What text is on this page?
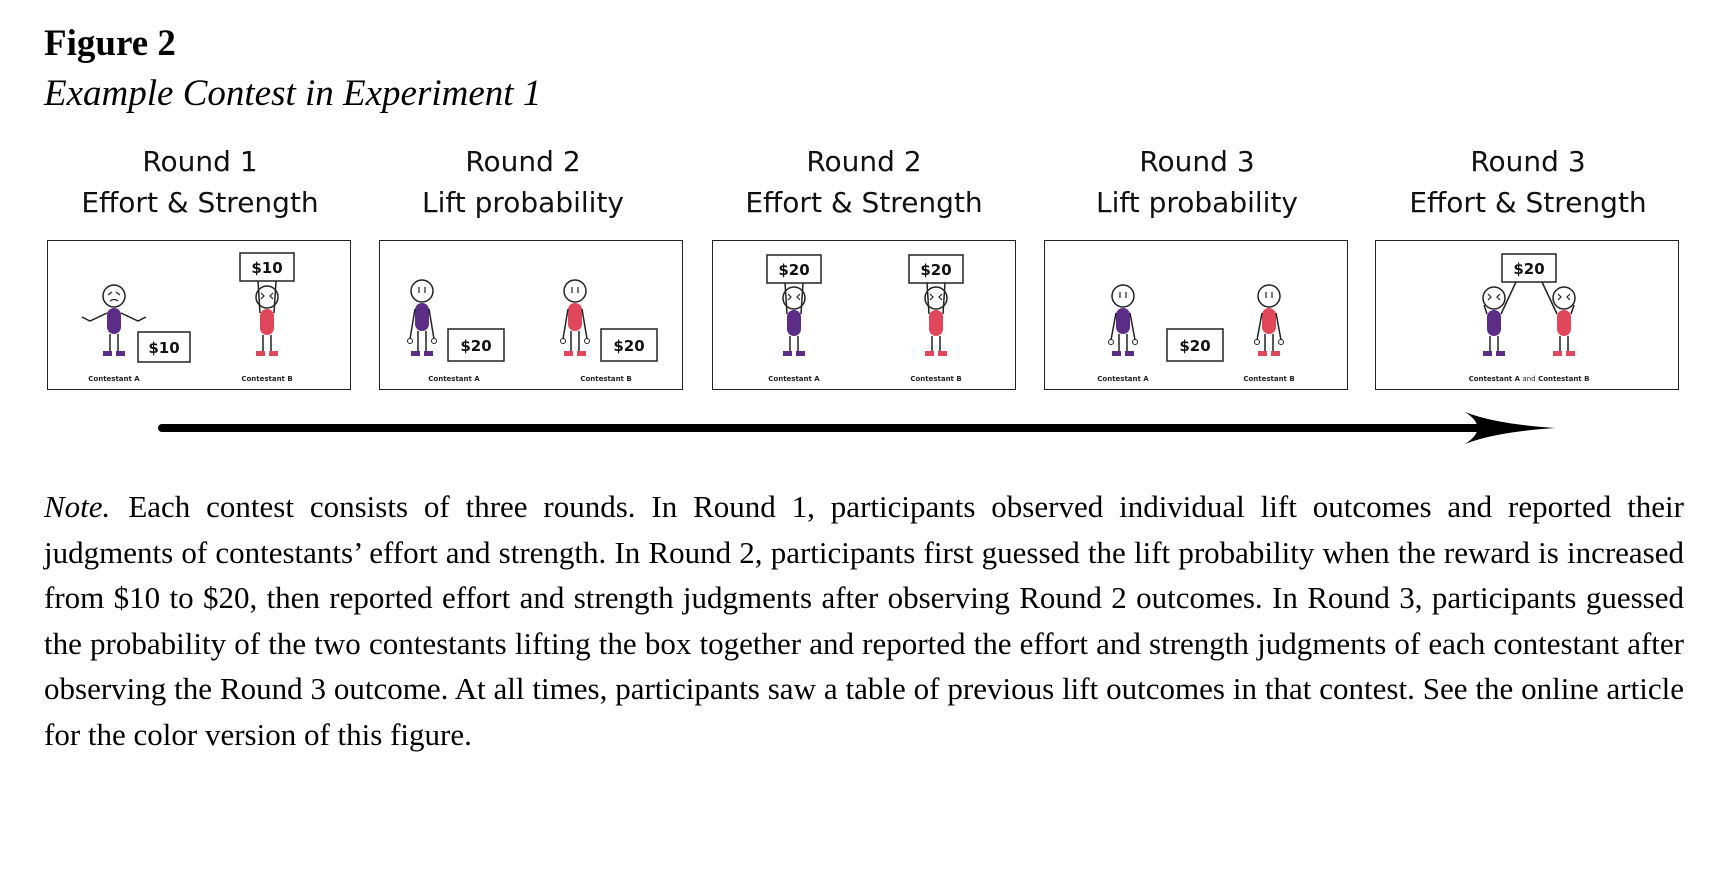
Figure 2
Example Contest in Experiment 1
Round 1
Effort & Strength
Round 2
Lift probability
Round 2
Effort & Strength
Round 3
Lift probability
Round 3
Effort & Strength
$10
$10
Contestant A	Contestant B
$20	$20
Contestant A	Contestant B
$20	$20
Contestant A	Contestant B
$20
Contestant A	Contestant B
$20
Contestant A and Contestant B
Note. Each contest consists of three rounds. In Round 1, participants observed individual lift outcomes and reported their judgments of contestants’ effort and strength. In Round 2, participants first guessed the lift probability when the reward is increased from $10 to $20, then reported effort and strength judgments after observing Round 2 outcomes. In Round 3, participants guessed the probability of the two contestants lifting the box together and reported the effort and strength judgments of each contestant after observing the Round 3 outcome. At all times, participants saw a table of previous lift outcomes in that contest. See the online article for the color version of this figure.
